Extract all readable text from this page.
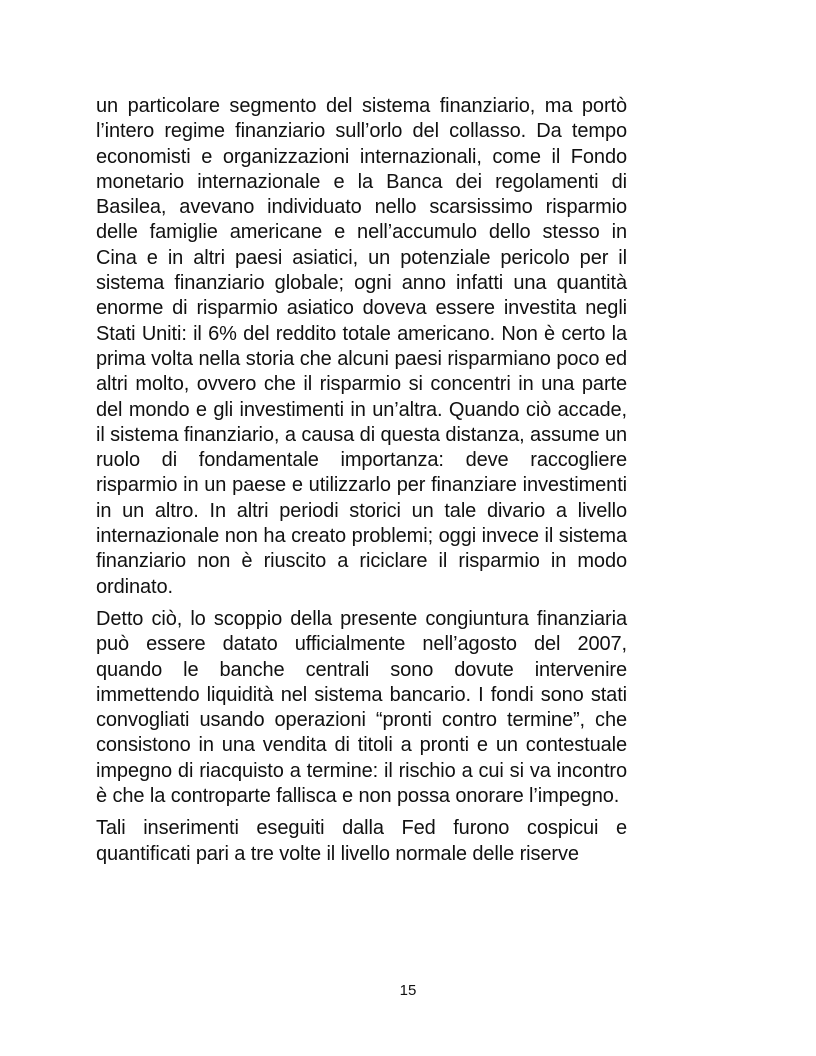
un particolare segmento del sistema finanziario, ma portò l’intero regime finanziario sull’orlo del collasso. Da tempo economisti e organizzazioni internazionali, come il Fondo monetario internazionale e la Banca dei regolamenti di Basilea, avevano individuato nello scarsissimo risparmio delle famiglie americane e nell’accumulo dello stesso in Cina e in altri paesi asiatici, un potenziale pericolo per il sistema finanziario globale; ogni anno infatti una quantità enorme di risparmio asiatico doveva essere investita negli Stati Uniti: il 6% del reddito totale americano. Non è certo la prima volta nella storia che alcuni paesi risparmiano poco ed altri molto, ovvero che il risparmio si concentri in una parte del mondo e gli investimenti in un’altra. Quando ciò accade, il sistema finanziario, a causa di questa distanza, assume un ruolo di fondamentale importanza: deve raccogliere risparmio in un paese e utilizzarlo per finanziare investimenti in un altro. In altri periodi storici un tale divario a livello internazionale non ha creato problemi; oggi invece il sistema finanziario non è riuscito a riciclare il risparmio in modo ordinato.

Detto ciò, lo scoppio della presente congiuntura finanziaria può essere datato ufficialmente nell’agosto del 2007, quando le banche centrali sono dovute intervenire immettendo liquidità nel sistema bancario. I fondi sono stati convogliati usando operazioni “pronti contro termine”, che consistono in una vendita di titoli a pronti e un contestuale impegno di riacquisto a termine: il rischio a cui si va incontro è che la controparte fallisca e non possa onorare l’impegno.

Tali inserimenti eseguiti dalla Fed furono cospicui e quantificati pari a tre volte il livello normale delle riserve

15
